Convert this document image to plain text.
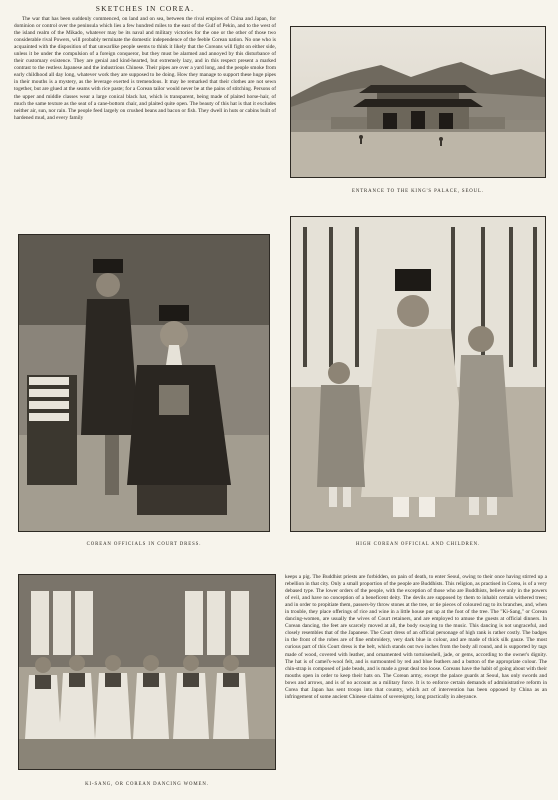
SKETCHES IN COREA.

The war that has been suddenly commenced, on land and on sea, between the rival empires of China and Japan, for dominion or control over the peninsula which lies a few hundred miles to the east of the Gulf of Pekin, and to the west of the island realm of the Mikado, whatever may be its naval and military victories for the one or the other of those two considerable rival Powers, will probably terminate the domestic independence of the feeble Corean nation. No one who is acquainted with the disposition of that unwarlike people seems to think it likely that the Coreans will fight on either side, unless it be under the compulsion of a foreign conqueror, but they must be alarmed and annoyed by this disturbance of their customary existence. They are genial and kind-hearted, but extremely lazy, and in this respect present a marked contrast to the restless Japanese and the industrious Chinese. Their pipes are over a yard long, and the people smoke from early childhood all day long, whatever work they are supposed to be doing. How they manage to support these huge pipes in their mouths is a mystery, as the leverage exerted is tremendous. It may be remarked that their clothes are not sewn together, but are glued at the seams with rice paste; for a Corean tailor would never be at the pains of stitching. Persons of the upper and middle classes wear a large conical black hat, which is transparent, being made of plaited horse-hair, of much the same texture as the seat of a cane-bottom chair, and plaited quite open. The beauty of this hat is that it excludes neither air, sun, nor rain. The people feed largely on crushed beans and bacon or fish. They dwell in huts or cabins built of hardened mud, and every family

ENTRANCE TO THE KING'S PALACE, SEOUL.
COREAN OFFICIALS IN COURT DRESS.	HIGH COREAN OFFICIAL AND CHILDREN.
KI-SANG, OR COREAN DANCING WOMEN.

keeps a pig. The Buddhist priests are forbidden, on pain of death, to enter Seoul, owing to their once having stirred up a rebellion in that city. Only a small proportion of the people are Buddhists. This religion, as practised in Corea, is of a very debased type. The lower orders of the people, with the exception of those who are Buddhists, believe only in the powers of evil, and have no conception of a beneficent deity. The devils are supposed by them to inhabit certain withered trees; and in order to propitiate them, passers-by throw stones at the tree, or tie pieces of coloured rag to its branches, and, when in trouble, they place offerings of rice and wine in a little house put up at the foot of the tree. The "Ki-Sang," or Corean dancing-women, are usually the wives of Court retainers, and are employed to amuse the guests at official dinners. In Corean dancing, the feet are scarcely moved at all, the body swaying to the music. This dancing is not ungraceful, and closely resembles that of the Japanese. The Court dress of an official personage of high rank is rather costly. The badges in the front of the robes are of fine embroidery, very dark blue in colour, and are made of thick silk gauze. The most curious part of this Court dress is the belt, which stands out two inches from the body all round, and is supported by tags made of wood, covered with leather, and ornamented with tortoiseshell, jade, or gems, according to the owner's dignity. The hat is of camel's-wool felt, and is surmounted by red and blue feathers and a button of the appropriate colour. The chin-strap is composed of jade beads, and is made a great deal too loose. Coreans have the habit of going about with their mouths open in order to keep their hats on. The Corean army, except the palace guards at Seoul, has only swords and bows and arrows, and is of no account as a military force. It is to enforce certain demands of administrative reform in Corea that Japan has sent troops into that country, which act of intervention has been opposed by China as an infringement of some ancient Chinese claims of sovereignty, long practically in abeyance.
